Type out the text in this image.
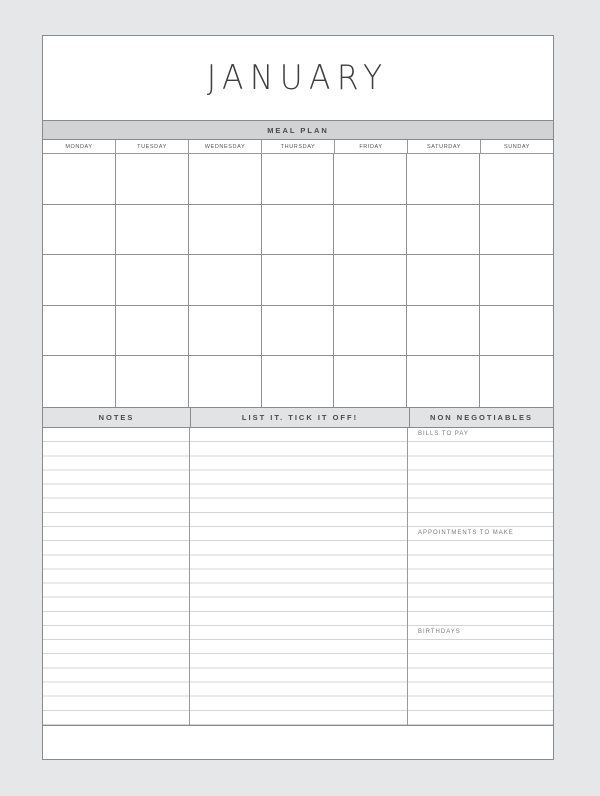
JANUARY
MEAL PLAN
MONDAY	TUESDAY	WEDNESDAY	THURSDAY	FRIDAY	SATURDAY	SUNDAY
NOTES	LIST IT. TICK IT OFF!	NON NEGOTIABLES
BILLS TO PAY
APPOINTMENTS TO MAKE
BIRTHDAYS
